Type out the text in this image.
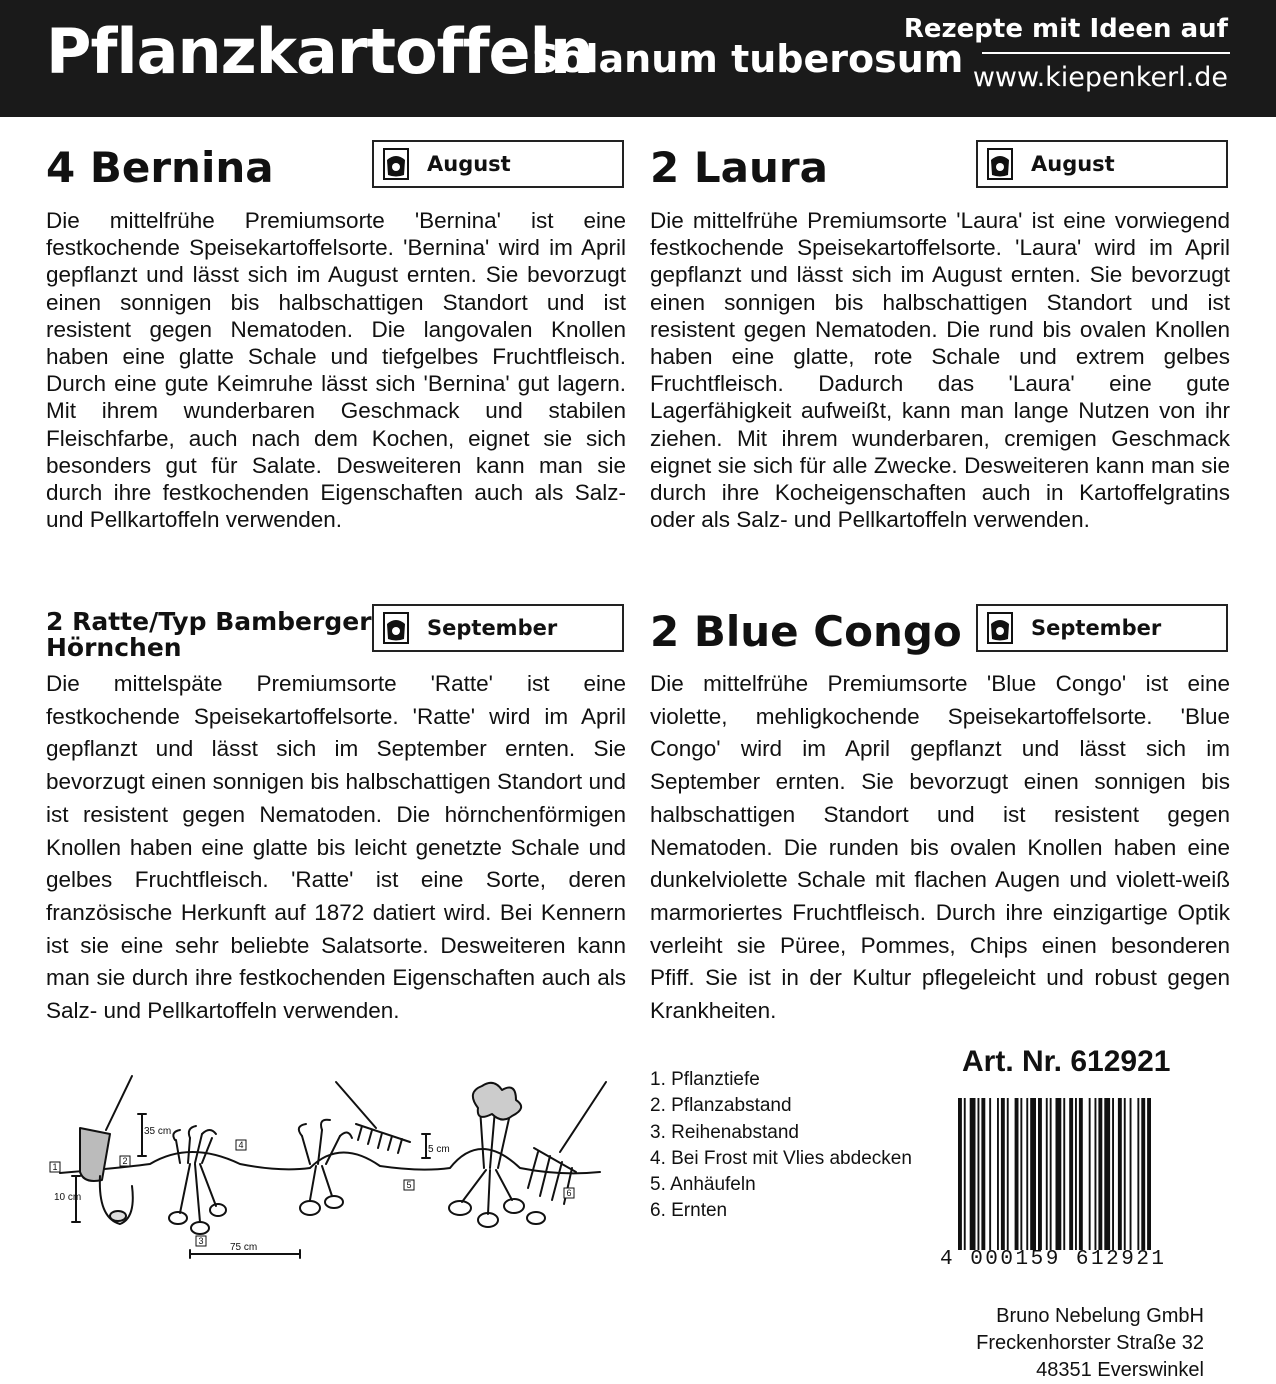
Pflanzkartoffeln
Solanum tuberosum
Rezepte mit Ideen auf
www.kiepenkerl.de
4 Bernina	August
Die mittelfrühe Premiumsorte 'Bernina' ist eine festkochende Speisekartoffelsorte. 'Bernina' wird im April gepflanzt und lässt sich im August ernten. Sie bevorzugt einen sonnigen bis halbschattigen Standort und ist resistent gegen Nematoden. Die langovalen Knollen haben eine glatte Schale und tiefgelbes Fruchtfleisch. Durch eine gute Keimruhe lässt sich 'Bernina' gut lagern. Mit ihrem wunderbaren Geschmack und stabilen Fleischfarbe, auch nach dem Kochen, eignet sie sich besonders gut für Salate. Desweiteren kann man sie durch ihre festkochenden Eigenschaften auch als Salz- und Pellkartoffeln verwenden.
2 Laura	August
Die mittelfrühe Premiumsorte 'Laura' ist eine vorwiegend festkochende Speisekartoffelsorte. 'Laura' wird im April gepflanzt und lässt sich im August ernten. Sie bevorzugt einen sonnigen bis halbschattigen Standort und ist resistent gegen Nematoden. Die rund bis ovalen Knollen haben eine glatte, rote Schale und extrem gelbes Fruchtfleisch. Dadurch das 'Laura' eine gute Lagerfähigkeit aufweißt, kann man lange Nutzen von ihr ziehen. Mit ihrem wunderbaren, cremigen Geschmack eignet sie sich für alle Zwecke. Desweiteren kann man sie durch ihre Kocheigenschaften auch in Kartoffelgratins oder als Salz- und Pellkartoffeln verwenden.
2 Ratte/Typ Bamberger
Hörnchen
September
Die mittelspäte Premiumsorte 'Ratte' ist eine festkochende Speisekartoffelsorte. 'Ratte' wird im April gepflanzt und lässt sich im September ernten. Sie bevorzugt einen sonnigen bis halbschattigen Standort und ist resistent gegen Nematoden. Die hörnchenförmigen Knollen haben eine glatte bis leicht genetzte Schale und gelbes Fruchtfleisch. 'Ratte' ist eine Sorte, deren französische Herkunft auf 1872 datiert wird. Bei Kennern ist sie eine sehr beliebte Salatsorte. Desweiteren kann man sie durch ihre festkochenden Eigenschaften auch als Salz- und Pellkartoffeln verwenden.
2 Blue Congo	September
Die mittelfrühe Premiumsorte 'Blue Congo' ist eine violette, mehligkochende Speisekartoffelsorte. 'Blue Congo' wird im April gepflanzt und lässt sich im September ernten. Sie bevorzugt einen sonnigen bis halbschattigen Standort und ist resistent gegen Nematoden. Die runden bis ovalen Knollen haben eine dunkelviolette Schale mit flachen Augen und violett-weiß marmoriertes Fruchtfleisch. Durch ihre einzigartige Optik verleiht sie Püree, Pommes, Chips einen besonderen Pfiff. Sie ist in der Kultur pflegeleicht und robust gegen Krankheiten.
35 cm
10 cm
75 cm
5 cm
1
2
3
4
5
6
1. Pflanztiefe
2. Pflanzabstand
3. Reihenabstand
4. Bei Frost mit Vlies abdecken
5. Anhäufeln
6. Ernten
Art. Nr. 612921
4 000159 612921
Bruno Nebelung GmbH
Freckenhorster Straße 32
48351 Everswinkel
